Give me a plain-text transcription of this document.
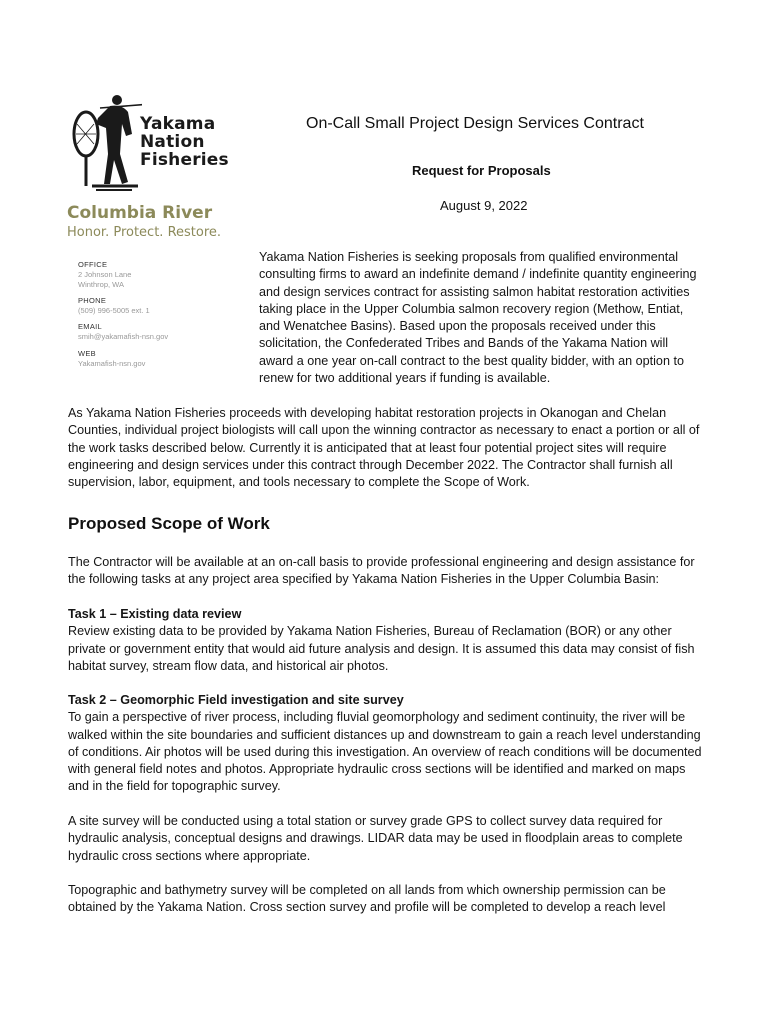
Yakama
Nation
Fisheries
Columbia River
Honor. Protect. Restore.
OFFICE
2 Johnson Lane
Winthrop, WA
PHONE
(509) 996-5005 ext. 1
EMAIL
smih@yakamafish-nsn.gov
WEB
Yakamafish-nsn.gov
On-Call Small Project Design Services Contract
Request for Proposals
August 9, 2022

Yakama Nation Fisheries is seeking proposals from qualified environmental consulting firms to award an indefinite demand / indefinite quantity engineering and design services contract for assisting salmon habitat restoration activities taking place in the Upper Columbia salmon recovery region (Methow, Entiat, and Wenatchee Basins). Based upon the proposals received under this solicitation, the Confederated Tribes and Bands of the Yakama Nation will award a one year on-call contract to the best quality bidder, with an option to renew for two additional years if funding is available.

As Yakama Nation Fisheries proceeds with developing habitat restoration projects in Okanogan and Chelan Counties, individual project biologists will call upon the winning contractor as necessary to enact a portion or all of the work tasks described below. Currently it is anticipated that at least four potential project sites will require engineering and design services under this contract through December 2022. The Contractor shall furnish all supervision, labor, equipment, and tools necessary to complete the Scope of Work.

Proposed Scope of Work

The Contractor will be available at an on-call basis to provide professional engineering and design assistance for the following tasks at any project area specified by Yakama Nation Fisheries in the Upper Columbia Basin:

Task 1 – Existing data review
Review existing data to be provided by Yakama Nation Fisheries, Bureau of Reclamation (BOR) or any other private or government entity that would aid future analysis and design. It is assumed this data may consist of fish habitat survey, stream flow data, and historical air photos.
Task 2 – Geomorphic Field investigation and site survey
To gain a perspective of river process, including fluvial geomorphology and sediment continuity, the river will be walked within the site boundaries and sufficient distances up and downstream to gain a reach level understanding of conditions. Air photos will be used during this investigation. An overview of reach conditions will be documented with general field notes and photos. Appropriate hydraulic cross sections will be identified and marked on maps and in the field for topographic survey.

A site survey will be conducted using a total station or survey grade GPS to collect survey data required for hydraulic analysis, conceptual designs and drawings. LIDAR data may be used in floodplain areas to complete hydraulic cross sections where appropriate.

Topographic and bathymetry survey will be completed on all lands from which ownership permission can be obtained by the Yakama Nation. Cross section survey and profile will be completed to develop a reach level
